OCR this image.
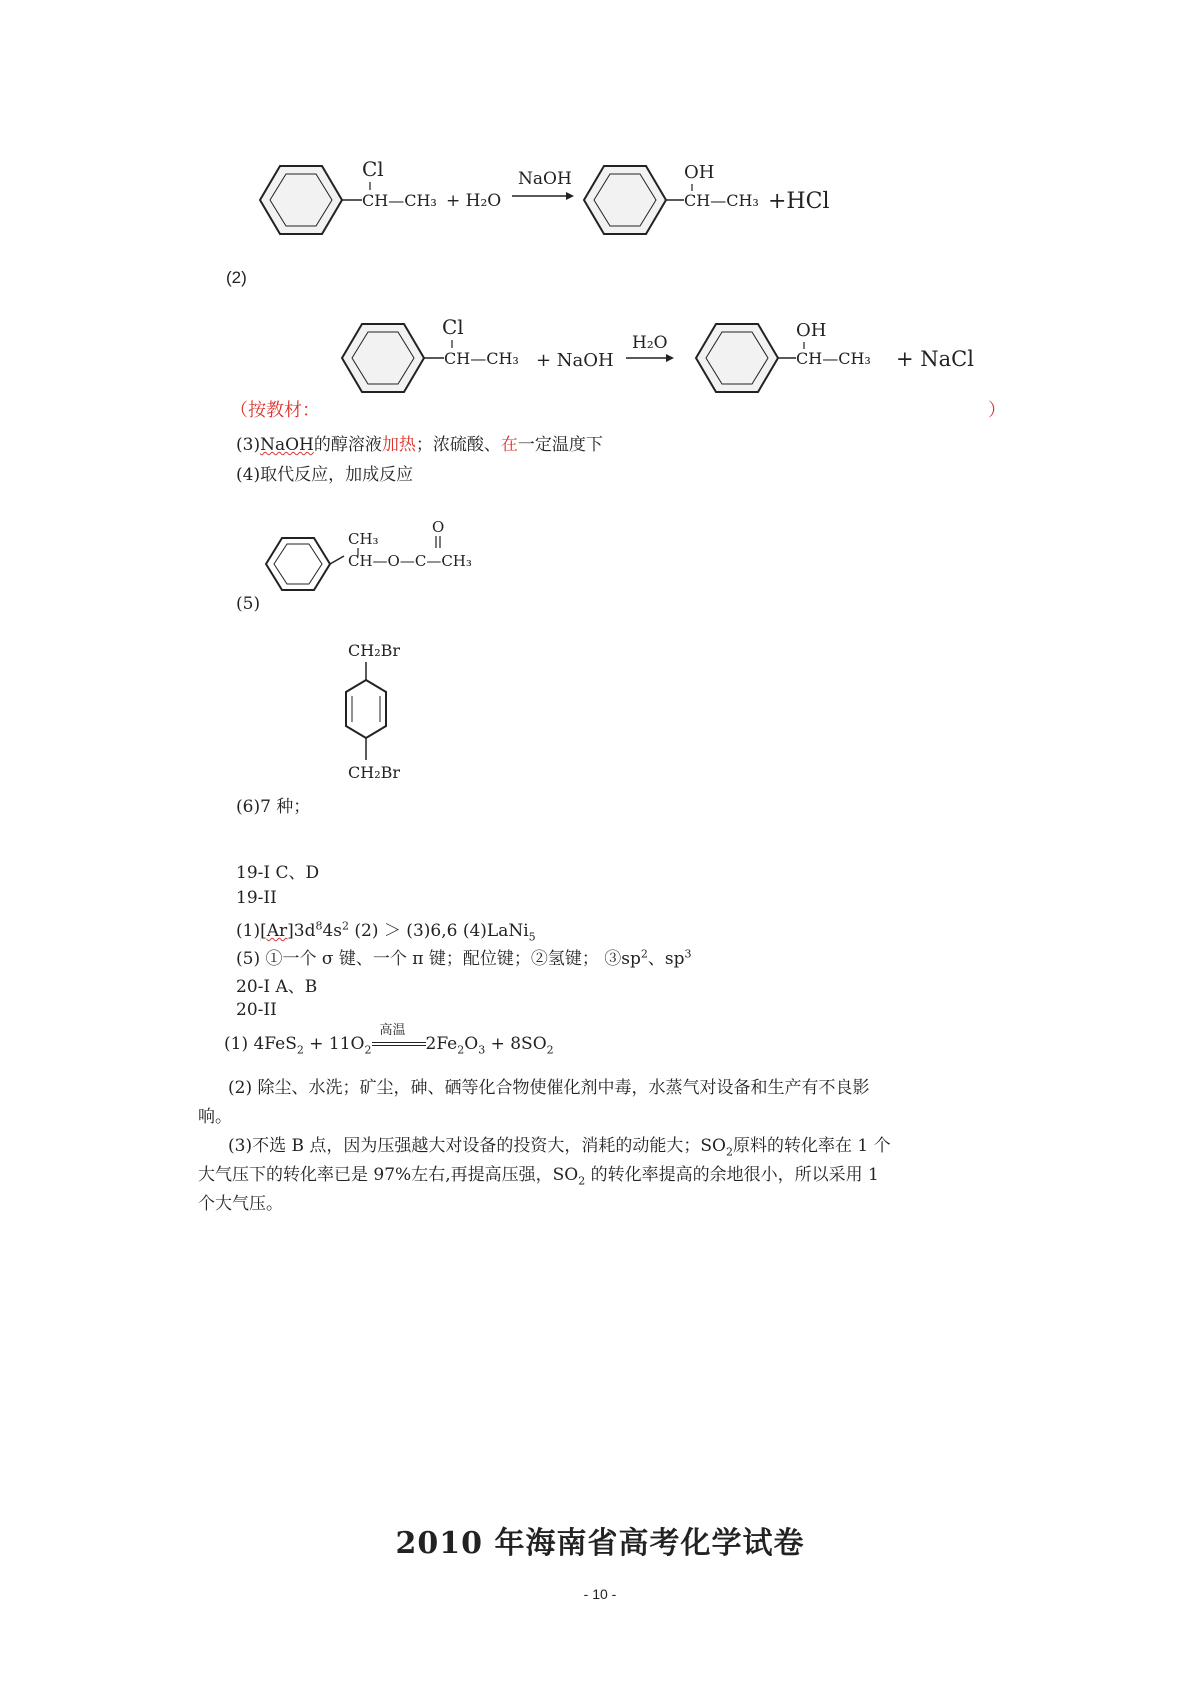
Cl
CH—CH₃ + H₂O
NaOH	OH
CH—CH₃ +HCl
(2)
Cl
CH—CH₃ + NaOH
H₂O
OH
CH—CH₃ + NaCl
（按教材：	）
(3)NaOH的醇溶液加热；浓硫酸、在一定温度下
(4)取代反应，加成反应
CH₃
O
CH—O—C—CH₃
(5)
CH₂Br
CH₂Br
(6)7 种；
19-I C、D
19-II
$(1)[Ar]3d^84s^2$ (2) ＞ (3)6,6 (4)LaNi$_5$
(5) ①一个 σ 键、一个 π 键；配位键；②氢键； $③sp^2$、$sp^3$
20-I A、B
20-II
(1) $4FeS_2 + 11O_2$
高温
$2Fe_2O_3 + 8SO_2$
(2) 除尘、水洗；矿尘，砷、硒等化合物使催化剂中毒，水蒸气对设备和生产有不良影
响。
(3)不选 B 点，因为压强越大对设备的投资大，消耗的动能大；$SO_2$原料的转化率在 1 个
大气压下的转化率已是 97%左右,再提高压强，$SO_2$ 的转化率提高的余地很小，所以采用 1
个大气压。
2010 年海南省高考化学试卷
- 10 -
